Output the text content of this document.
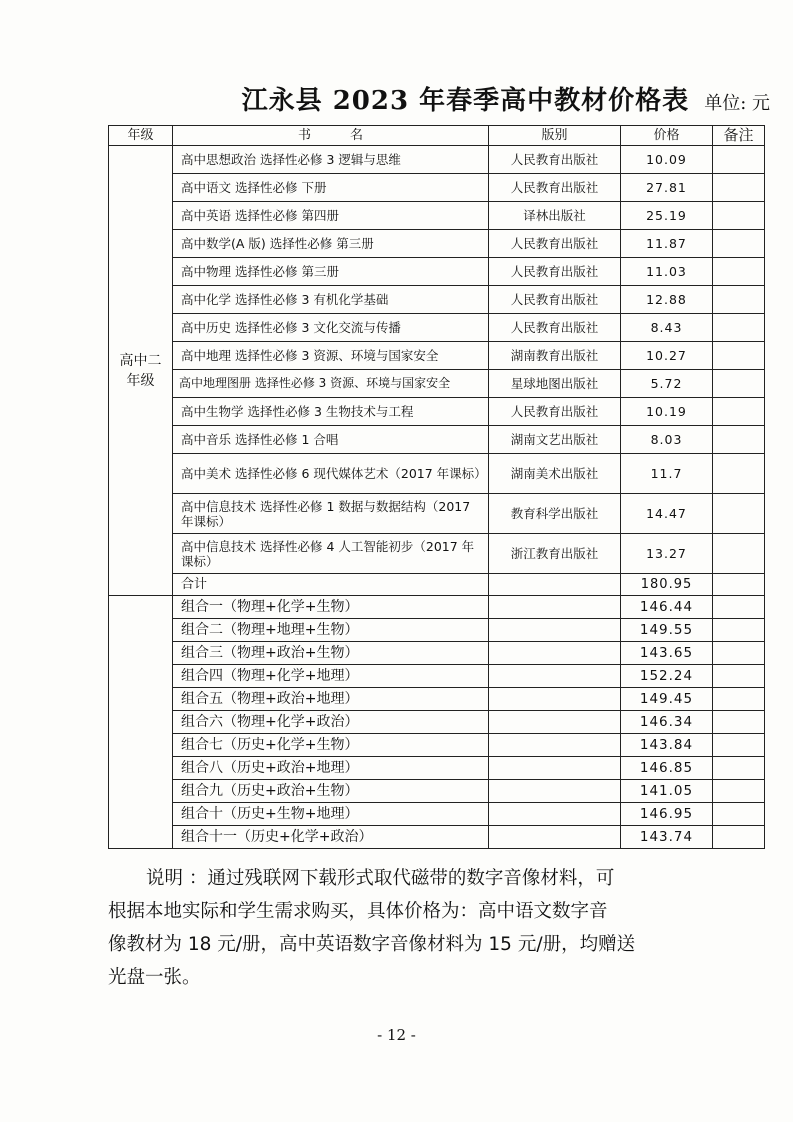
江永县 2023 年春季高中教材价格表 单位: 元
年级	书　　　名	版别	价格	备注
高中二年级	高中思想政治 选择性必修 3 逻辑与思维	人民教育出版社	10.09	
	高中语文 选择性必修 下册	人民教育出版社	27.81	
	高中英语 选择性必修 第四册	译林出版社	25.19	
	高中数学(A 版) 选择性必修 第三册	人民教育出版社	11.87	
	高中物理 选择性必修 第三册	人民教育出版社	11.03	
	高中化学 选择性必修 3 有机化学基础	人民教育出版社	12.88	
	高中历史 选择性必修 3 文化交流与传播	人民教育出版社	8.43	
	高中地理 选择性必修 3 资源、环境与国家安全	湖南教育出版社	10.27	
	高中地理图册 选择性必修 3 资源、环境与国家安全	星球地图出版社	5.72	
	高中生物学 选择性必修 3 生物技术与工程	人民教育出版社	10.19	
	高中音乐 选择性必修 1 合唱	湖南文艺出版社	8.03	
	高中美术 选择性必修 6 现代媒体艺术（2017 年课标）	湖南美术出版社	11.7	
	高中信息技术 选择性必修 1 数据与数据结构（2017 年课标）	教育科学出版社	14.47	
	高中信息技术 选择性必修 4 人工智能初步（2017 年课标）	浙江教育出版社	13.27	
	合计		180.95	
	组合一（物理+化学+生物）		146.44	
	组合二（物理+地理+生物）		149.55	
	组合三（物理+政治+生物）		143.65	
	组合四（物理+化学+地理）		152.24	
	组合五（物理+政治+地理）		149.45	
	组合六（物理+化学+政治）		146.34	
	组合七（历史+化学+生物）		143.84	
	组合八（历史+政治+地理）		146.85	
	组合九（历史+政治+生物）		141.05	
	组合十（历史+生物+地理）		146.95	
	组合十一（历史+化学+政治）		143.74	
说明 ：通过残联网下载形式取代磁带的数字音像材料，可
根据本地实际和学生需求购买，具体价格为：高中语文数字音
像教材为 18 元/册，高中英语数字音像材料为 15 元/册，均赠送
光盘一张。
- 12 -
